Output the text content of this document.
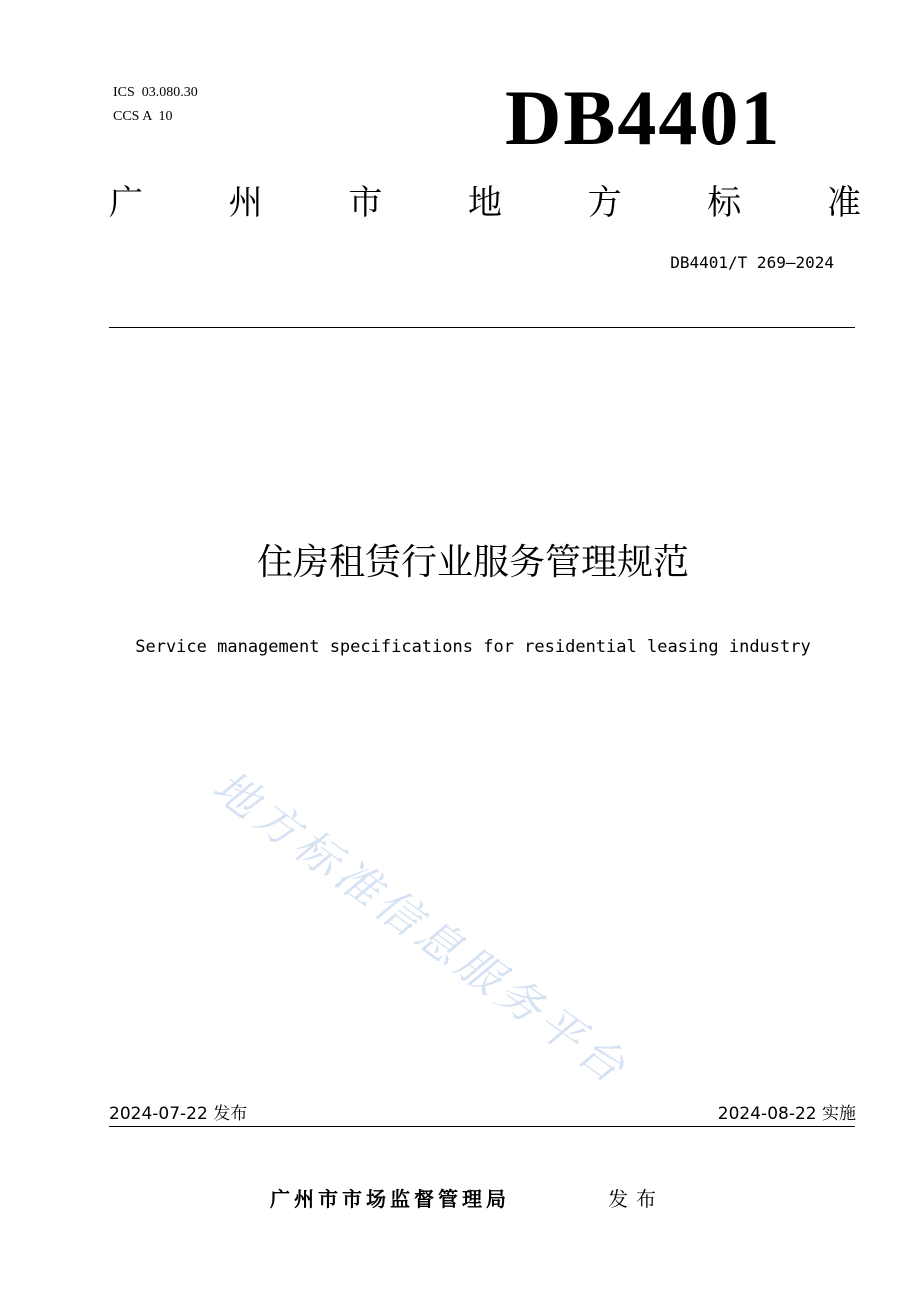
ICS  03.080.30
CCS A  10	DB4401
广	州	市	地	方	标	准
DB4401/T 269—2024
住房租赁行业服务管理规范
Service management specifications for residential leasing industry
地方标准信息服务平台
2024-07-22 发布	2024-08-22 实施
广州市市场监督管理局	发布
